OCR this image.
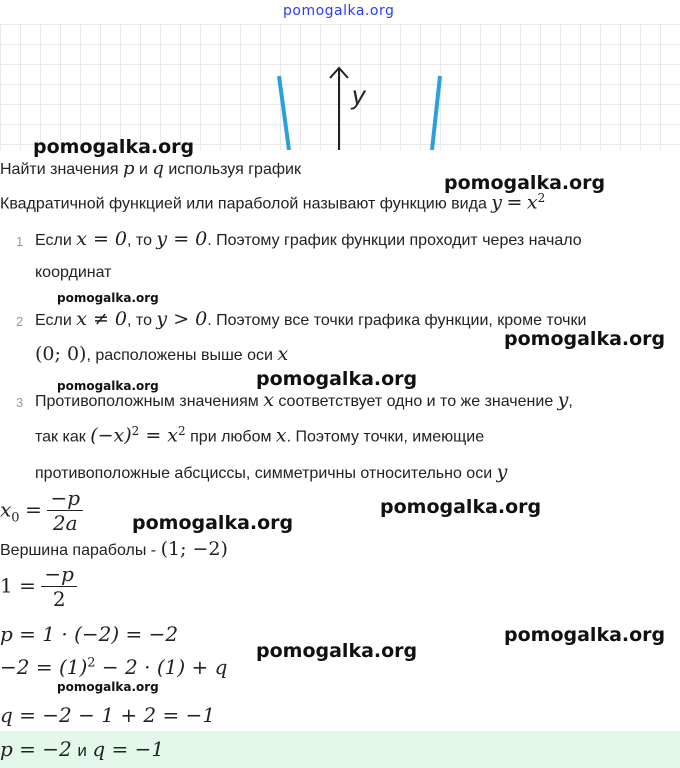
pomogalka.org
y
pomogalka.org
pomogalka.org
pomogalka.org
pomogalka.org
pomogalka.org
pomogalka.org
pomogalka.org
pomogalka.org
pomogalka.org
pomogalka.org
pomogalka.org
Найти значения p и q используя график
Квадратичной функцией или параболой называют функцию вида $y = x^2$
1 Если x = 0, то y = 0. Поэтому график функции проходит через начало
координат
2 Если x ≠ 0, то y > 0. Поэтому все точки графика функции, кроме точки
(0; 0), расположены выше оси x
3 Противоположным значениям x соответствует одно и то же значение y,
так как $(-x)^2 = x^2$ при любом x. Поэтому точки, имеющие
противоположные абсциссы, симметричны относительно оси y
$x_0 = \frac{-p}{2a}$
Вершина параболы - (1; −2)
$1 = \frac{-p}{2}$
p = 1 · (−2) = −2
$-2 = (1)^2 - 2 \cdot (1) + q$
q = −2 − 1 + 2 = −1
p = −2 и q = −1
